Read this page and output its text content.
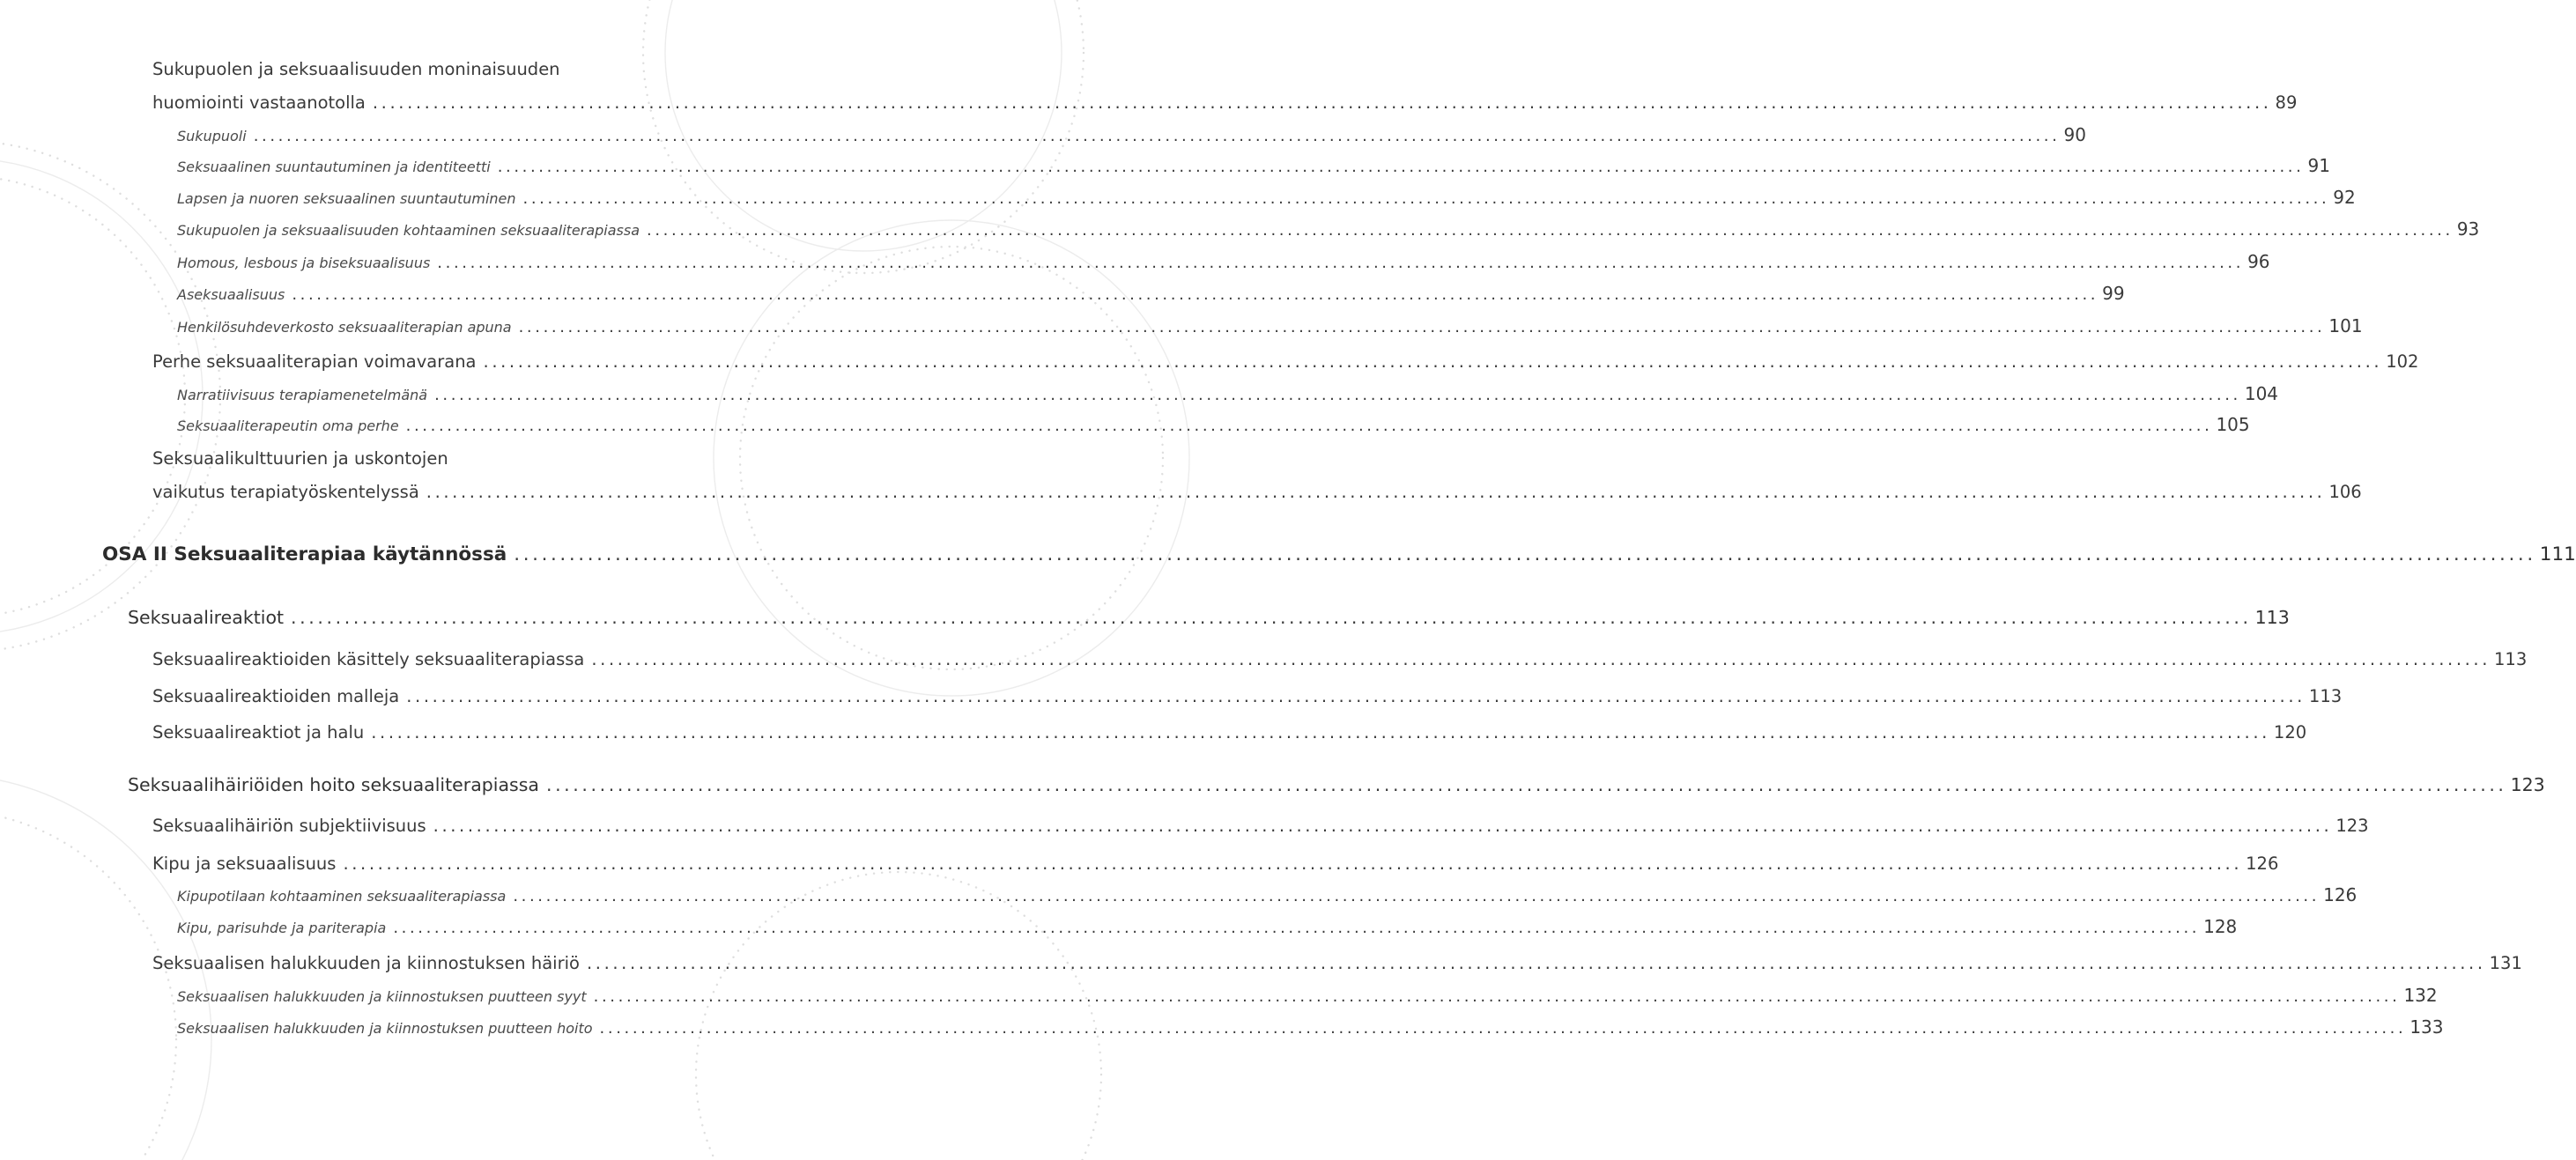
Sukupuolen ja seksuaalisuuden moninaisuuden
huomiointi vastaanotolla ............................................................................................................................................................................................................................ 89
Sukupuoli ............................................................................................................................................................................................................................ 90
Seksuaalinen suuntautuminen ja identiteetti ............................................................................................................................................................................................................................ 91
Lapsen ja nuoren seksuaalinen suuntautuminen ............................................................................................................................................................................................................................ 92
Sukupuolen ja seksuaalisuuden kohtaaminen seksuaaliterapiassa ............................................................................................................................................................................................................................ 93
Homous, lesbous ja biseksuaalisuus ............................................................................................................................................................................................................................ 96
Aseksuaalisuus ............................................................................................................................................................................................................................ 99
Henkilösuhdeverkosto seksuaaliterapian apuna ............................................................................................................................................................................................................................ 101
Perhe seksuaaliterapian voimavarana ............................................................................................................................................................................................................................ 102
Narratiivisuus terapiamenetelmänä ............................................................................................................................................................................................................................ 104
Seksuaaliterapeutin oma perhe ............................................................................................................................................................................................................................ 105
Seksuaalikulttuurien ja uskontojen
vaikutus terapiatyöskentelyssä ............................................................................................................................................................................................................................ 106
OSA II Seksuaaliterapiaa käytännössä ............................................................................................................................................................................................................................ 111
Seksuaalireaktiot ............................................................................................................................................................................................................................ 113
Seksuaalireaktioiden käsittely seksuaaliterapiassa ............................................................................................................................................................................................................................ 113
Seksuaalireaktioiden malleja ............................................................................................................................................................................................................................ 113
Seksuaalireaktiot ja halu ............................................................................................................................................................................................................................ 120
Seksuaalihäiriöiden hoito seksuaaliterapiassa ............................................................................................................................................................................................................................ 123
Seksuaalihäiriön subjektiivisuus ............................................................................................................................................................................................................................ 123
Kipu ja seksuaalisuus ............................................................................................................................................................................................................................ 126
Kipupotilaan kohtaaminen seksuaaliterapiassa ............................................................................................................................................................................................................................ 126
Kipu, parisuhde ja pariterapia ............................................................................................................................................................................................................................ 128
Seksuaalisen halukkuuden ja kiinnostuksen häiriö ............................................................................................................................................................................................................................ 131
Seksuaalisen halukkuuden ja kiinnostuksen puutteen syyt ............................................................................................................................................................................................................................ 132
Seksuaalisen halukkuuden ja kiinnostuksen puutteen hoito ............................................................................................................................................................................................................................ 133
